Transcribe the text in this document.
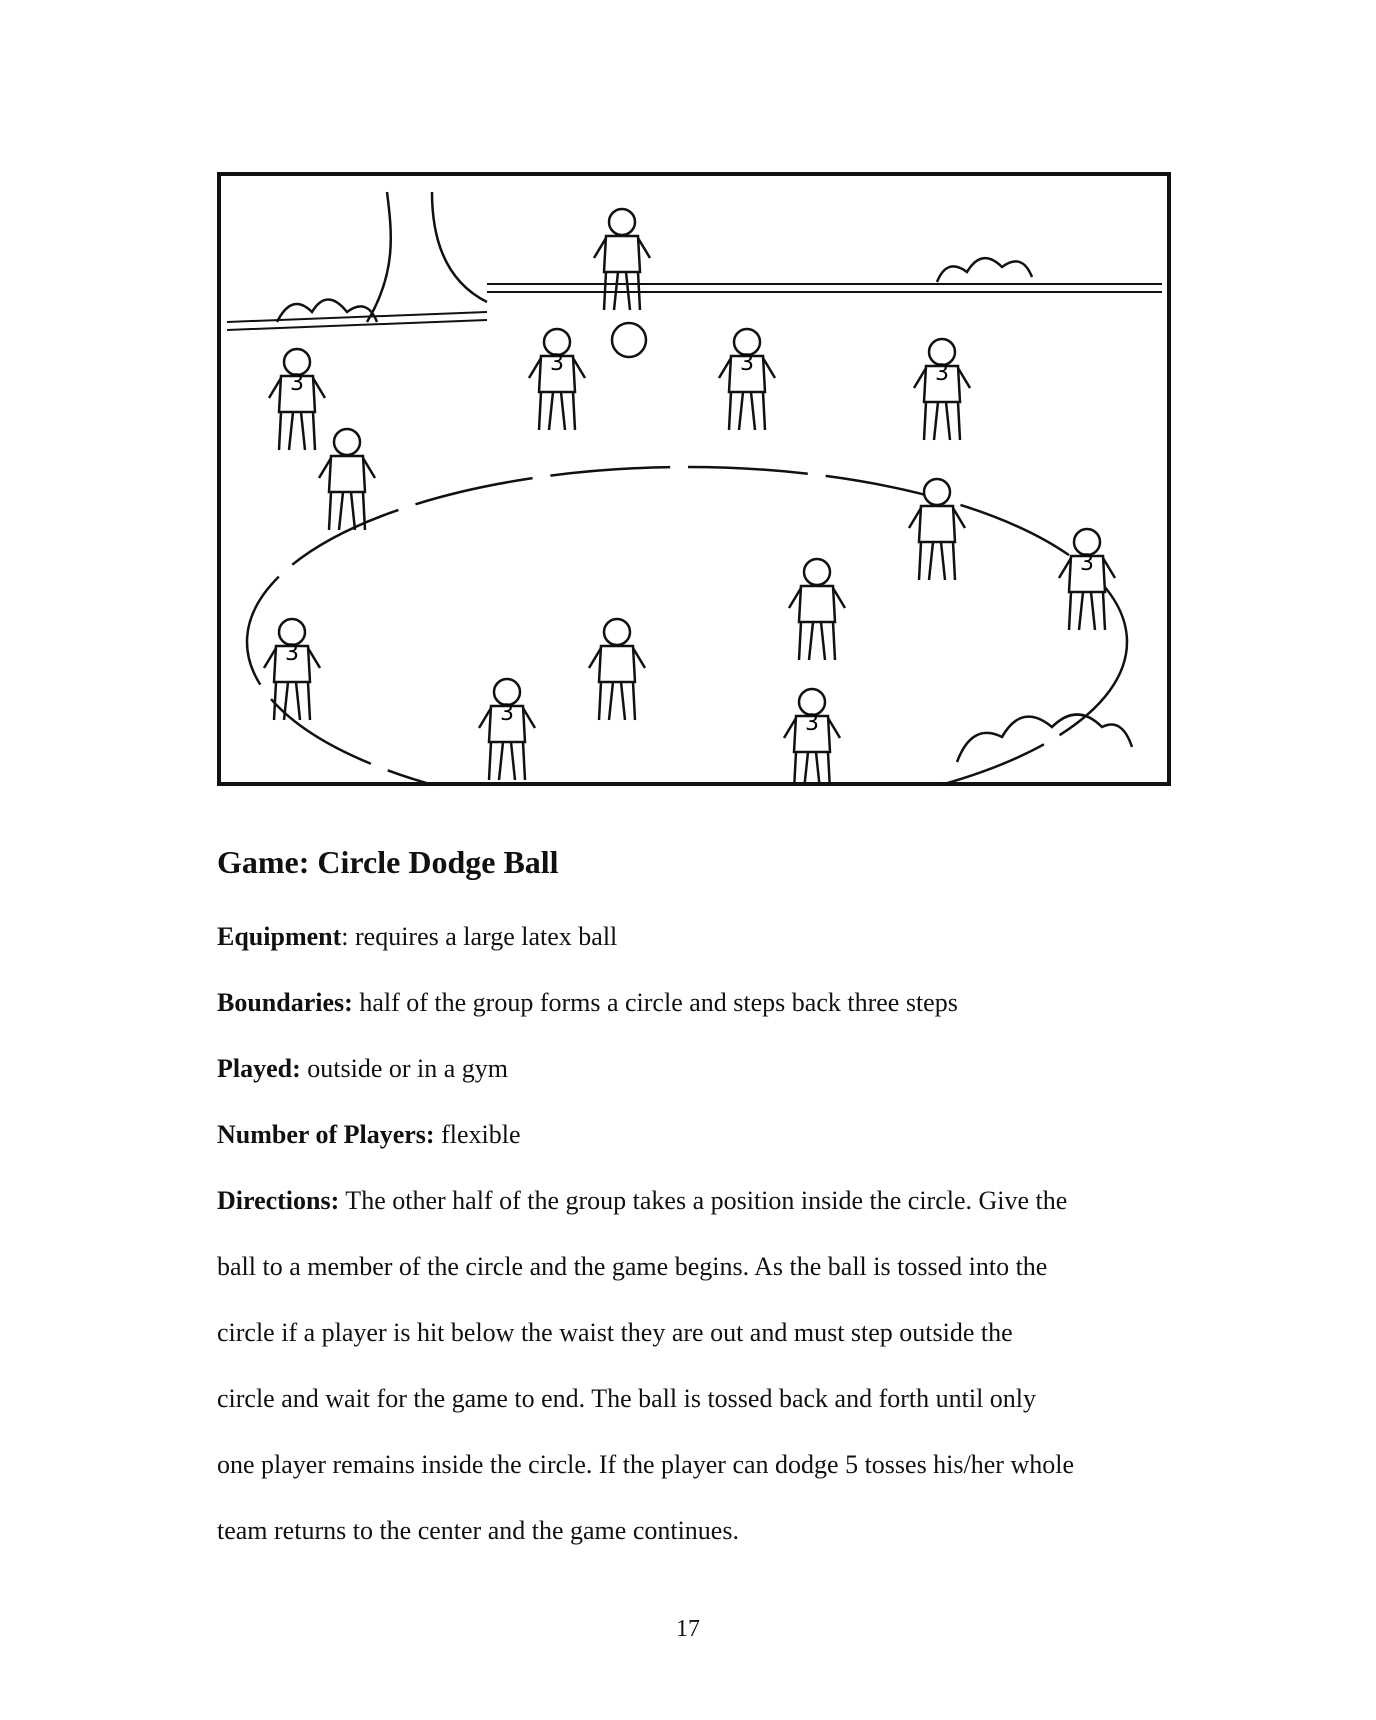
3	3	3
3
3
3
3	3
Game: Circle Dodge Ball
Equipment: requires a large latex ball
Boundaries: half of the group forms a circle and steps back three steps
Played: outside or in a gym
Number of Players: flexible
Directions: The other half of the group takes a position inside the circle. Give the
ball to a member of the circle and the game begins. As the ball is tossed into the
circle if a player is hit below the waist they are out and must step outside the
circle and wait for the game to end. The ball is tossed back and forth until only
one player remains inside the circle. If the player can dodge 5 tosses his/her whole
team returns to the center and the game continues.
17
